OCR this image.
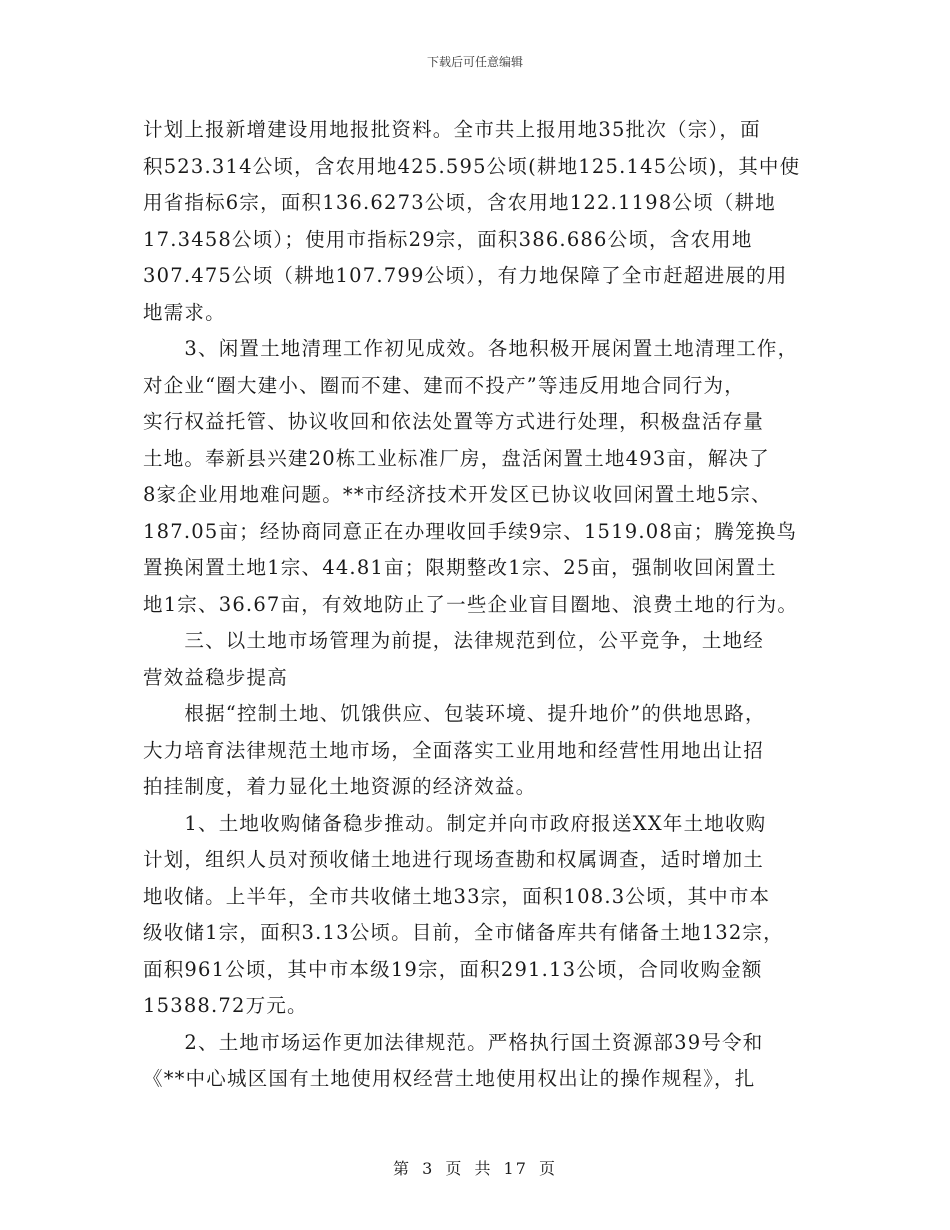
下载后可任意编辑
计划上报新增建设用地报批资料。全市共上报用地35批次（宗），面
积523.314公顷，含农用地425.595公顷(耕地125.145公顷)，其中使
用省指标6宗，面积136.6273公顷，含农用地122.1198公顷（耕地
17.3458公顷）；使用市指标29宗，面积386.686公顷，含农用地
307.475公顷（耕地107.799公顷），有力地保障了全市赶超进展的用
地需求。
　　3、闲置土地清理工作初见成效。各地积极开展闲置土地清理工作，
对企业“圈大建小、圈而不建、建而不投产”等违反用地合同行为，
实行权益托管、协议收回和依法处置等方式进行处理，积极盘活存量
土地。奉新县兴建20栋工业标准厂房，盘活闲置土地493亩，解决了
8家企业用地难问题。**市经济技术开发区已协议收回闲置土地5宗、
187.05亩；经协商同意正在办理收回手续9宗、1519.08亩；腾笼换鸟
置换闲置土地1宗、44.81亩；限期整改1宗、25亩，强制收回闲置土
地1宗、36.67亩，有效地防止了一些企业盲目圈地、浪费土地的行为。
　　三、以土地市场管理为前提，法律规范到位，公平竞争，土地经
营效益稳步提高
　　根据“控制土地、饥饿供应、包装环境、提升地价”的供地思路，
大力培育法律规范土地市场，全面落实工业用地和经营性用地出让招
拍挂制度，着力显化土地资源的经济效益。
　　1、土地收购储备稳步推动。制定并向市政府报送XX年土地收购
计划，组织人员对预收储土地进行现场查勘和权属调查，适时增加土
地收储。上半年，全市共收储土地33宗，面积108.3公顷，其中市本
级收储1宗，面积3.13公顷。目前，全市储备库共有储备土地132宗，
面积961公顷，其中市本级19宗，面积291.13公顷，合同收购金额
15388.72万元。
　　2、土地市场运作更加法律规范。严格执行国土资源部39号令和
《**中心城区国有土地使用权经营土地使用权出让的操作规程》，扎
第 3 页 共 17 页
